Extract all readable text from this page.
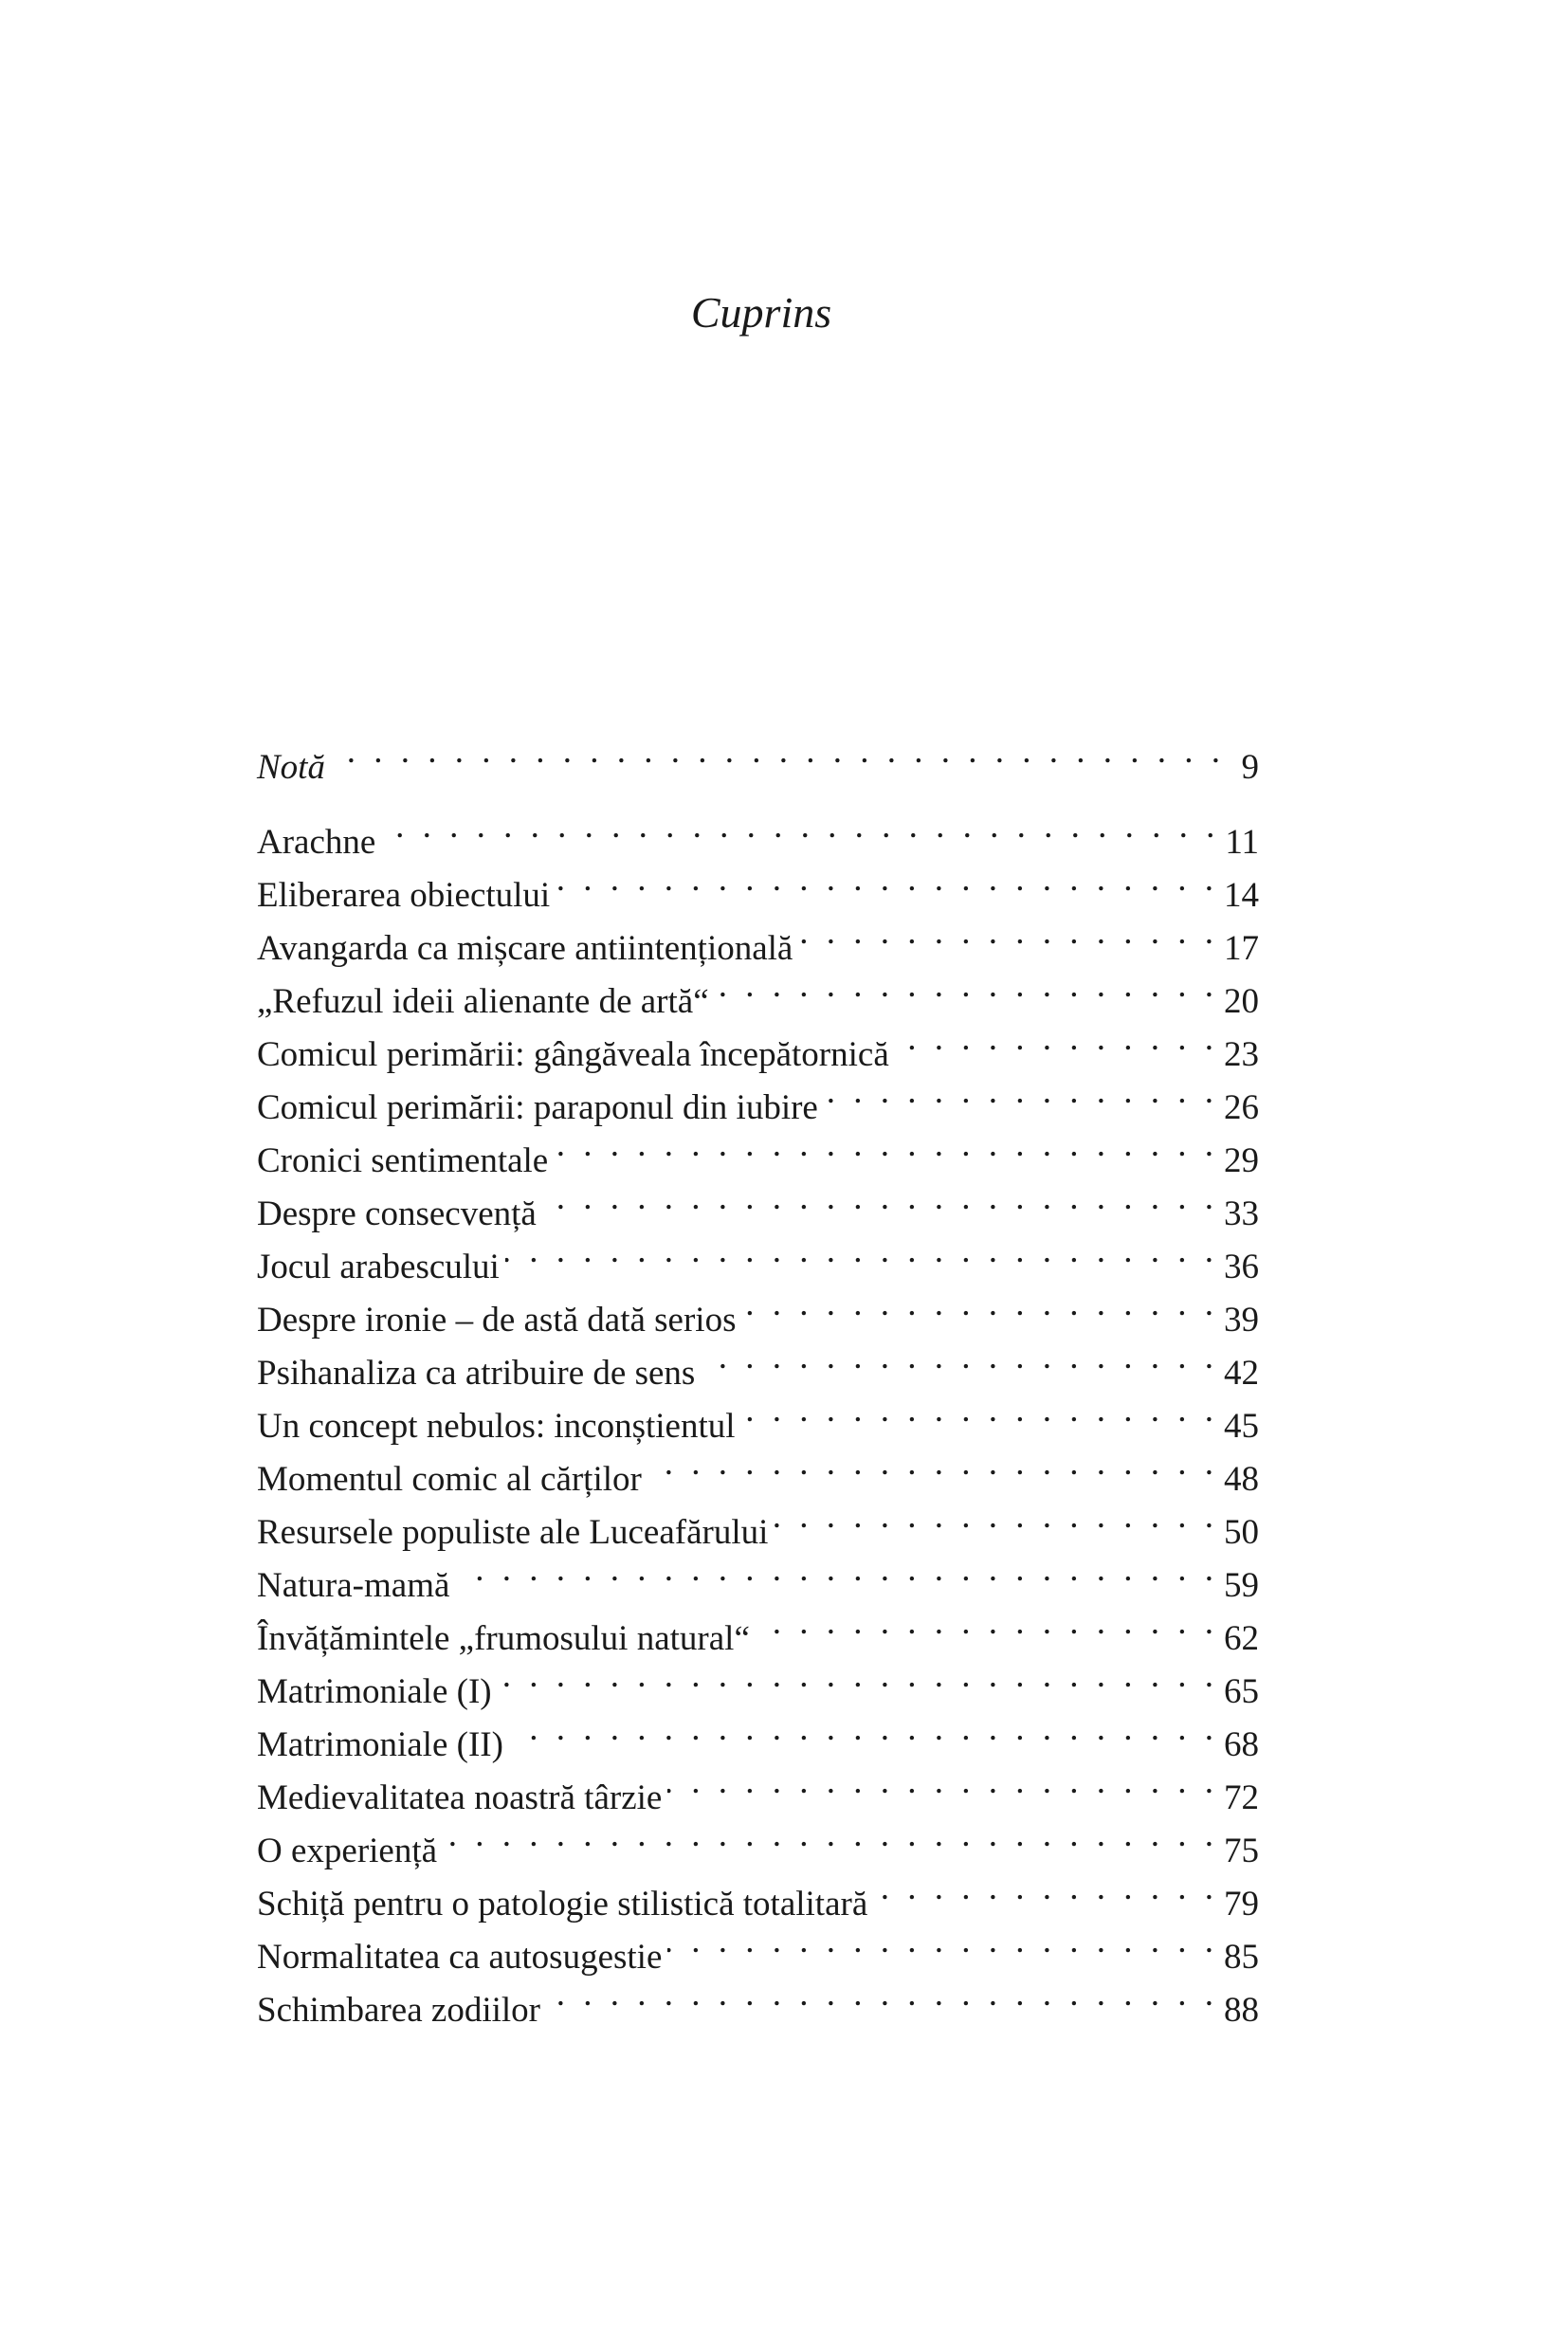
Cuprins
Notă . . .	9
Arachne . . .	11
Eliberarea obiectului . . .	14
Avangarda ca mișcare antiintențională . . .	17
„Refuzul ideii alienante de artă“ . . .	20
Comicul perimării: gângăveala începătornică . . .	23
Comicul perimării: paraponul din iubire . . .	26
Cronici sentimentale . . .	29
Despre consecvență . . .	33
Jocul arabescului . . .	36
Despre ironie – de astă dată serios . . .	39
Psihanaliza ca atribuire de sens . . .	42
Un concept nebulos: inconștientul . . .	45
Momentul comic al cărților . . .	48
Resursele populiste ale Luceafărului . . .	50
Natura-mamă . . .	59
Învățămintele „frumosului natural“ . . .	62
Matrimoniale (I) . . .	65
Matrimoniale (II) . . .	68
Medievalitatea noastră târzie . . .	72
O experiență . . .	75
Schiță pentru o patologie stilistică totalitară . . .	79
Normalitatea ca autosugestie . . .	85
Schimbarea zodiilor . . .	88
